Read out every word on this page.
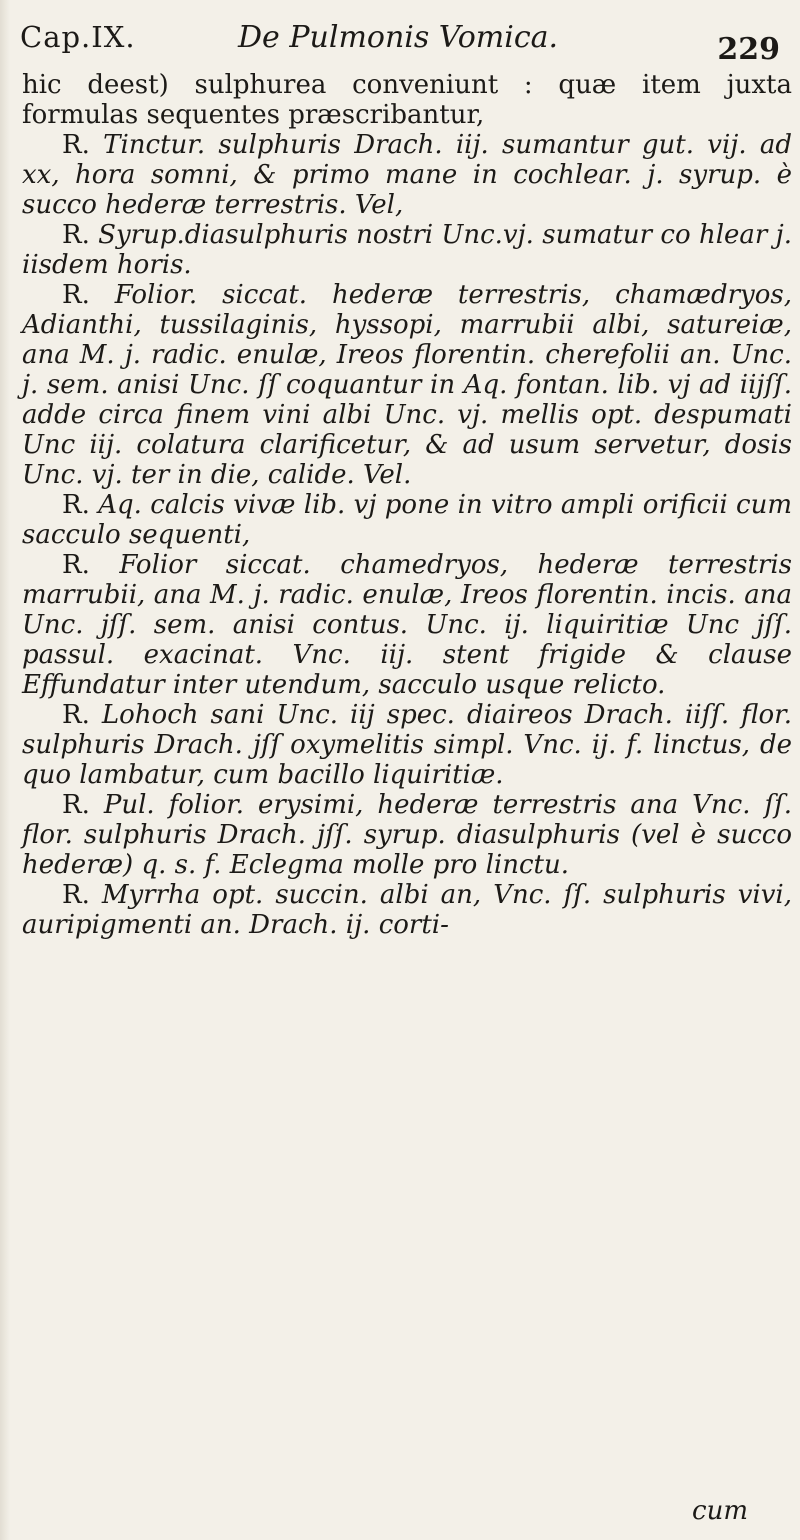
Cap.IX.	De Pulmonis Vomica.	229

hic deest) sulphurea conveniunt : quæ item juxta formulas sequentes præscribantur,

R. Tinctur. sulphuris Drach. iij. sumantur gut. vij. ad xx, hora somni, & primo mane in cochlear. j. syrup. è succo hederæ terrestris. Vel,

R. Syrup.diasulphuris nostri Unc.vj. sumatur co hlear j. iisdem horis.

R. Folior. siccat. hederæ terrestris, chamædryos, Adianthi, tussilaginis, hyssopi, marrubii albi, satureiæ, ana M. j. radic. enulæ, Ireos florentin. cherefolii an. Unc. j. sem. anisi Unc. ſſ coquantur in Aq. fontan. lib. vj ad iijſſ. adde circa finem vini albi Unc. vj. mellis opt. despumati Unc iij. colatura clarificetur, & ad usum servetur, dosis Unc. vj. ter in die, calide. Vel.

R. Aq. calcis vivæ lib. vj pone in vitro ampli orificii cum sacculo sequenti,

R. Folior siccat. chamedryos, hederæ terrestris marrubii, ana M. j. radic. enulæ, Ireos florentin. incis. ana Unc. jſſ. sem. anisi contus. Unc. ij. liquiritiæ Unc jſſ. passul. exacinat. Vnc. iij. stent frigide & clause Effundatur inter utendum, sacculo usque relicto.

R. Lohoch sani Unc. iij spec. diaireos Drach. iiſſ. flor. sulphuris Drach. jſſ oxymelitis simpl. Vnc. ij. f. linctus, de quo lambatur, cum bacillo liquiritiæ.

R. Pul. folior. erysimi, hederæ terrestris ana Vnc. ſſ. flor. sulphuris Drach. jſſ. syrup. diasulphuris (vel è succo hederæ) q. s. f. Eclegma molle pro linctu.

R. Myrrha opt. succin. albi an, Vnc. ſſ. sulphuris vivi, auripigmenti an. Drach. ij. corti-

cum
